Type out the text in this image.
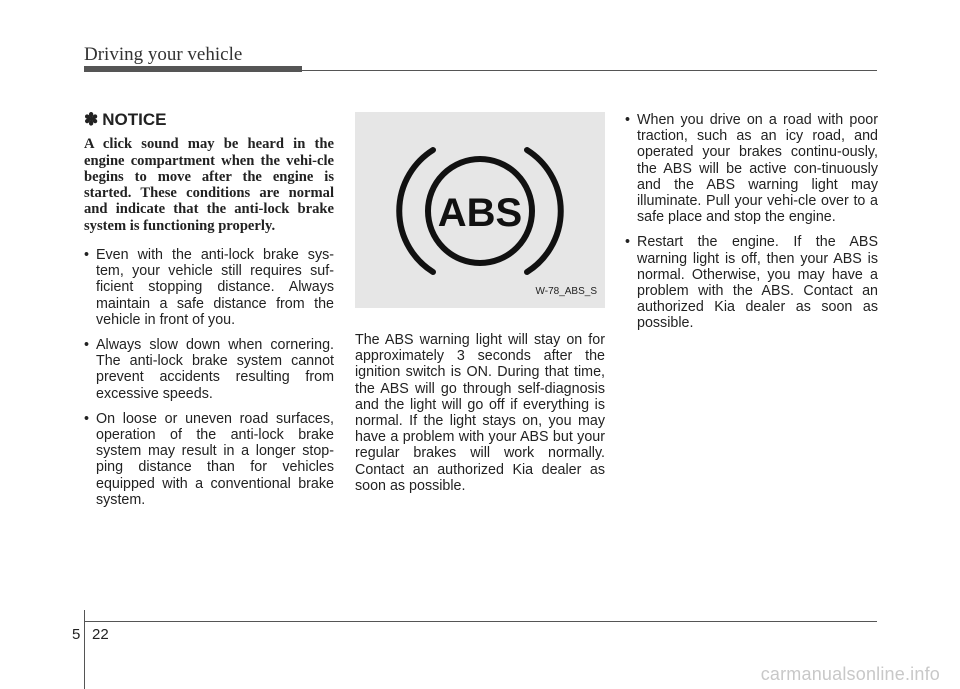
Driving your vehicle
✽ NOTICE

A click sound may be heard in the engine compartment when the vehi-cle begins to move after the engine is started. These conditions are normal and indicate that the anti-lock brake system is functioning properly.

• Even with the anti-lock brake sys-tem, your vehicle still requires suf-ficient stopping distance. Always maintain a safe distance from the vehicle in front of you.
• Always slow down when cornering. The anti-lock brake system cannot prevent accidents resulting from excessive speeds.
• On loose or uneven road surfaces, operation of the anti-lock brake system may result in a longer stop-ping distance than for vehicles equipped with a conventional brake system.
ABS
W-78_ABS_S

The ABS warning light will stay on for approximately 3 seconds after the ignition switch is ON. During that time, the ABS will go through self-diagnosis and the light will go off if everything is normal. If the light stays on, you may have a problem with your ABS but your regular brakes will work normally. Contact an authorized Kia dealer as soon as possible.

• When you drive on a road with poor traction, such as an icy road, and operated your brakes continu-ously, the ABS will be active con-tinuously and the ABS warning light may illuminate. Pull your vehi-cle over to a safe place and stop the engine.
• Restart the engine. If the ABS warning light is off, then your ABS is normal. Otherwise, you may have a problem with the ABS. Contact an authorized Kia dealer as soon as possible.
5 22
carmanualsonline.info
